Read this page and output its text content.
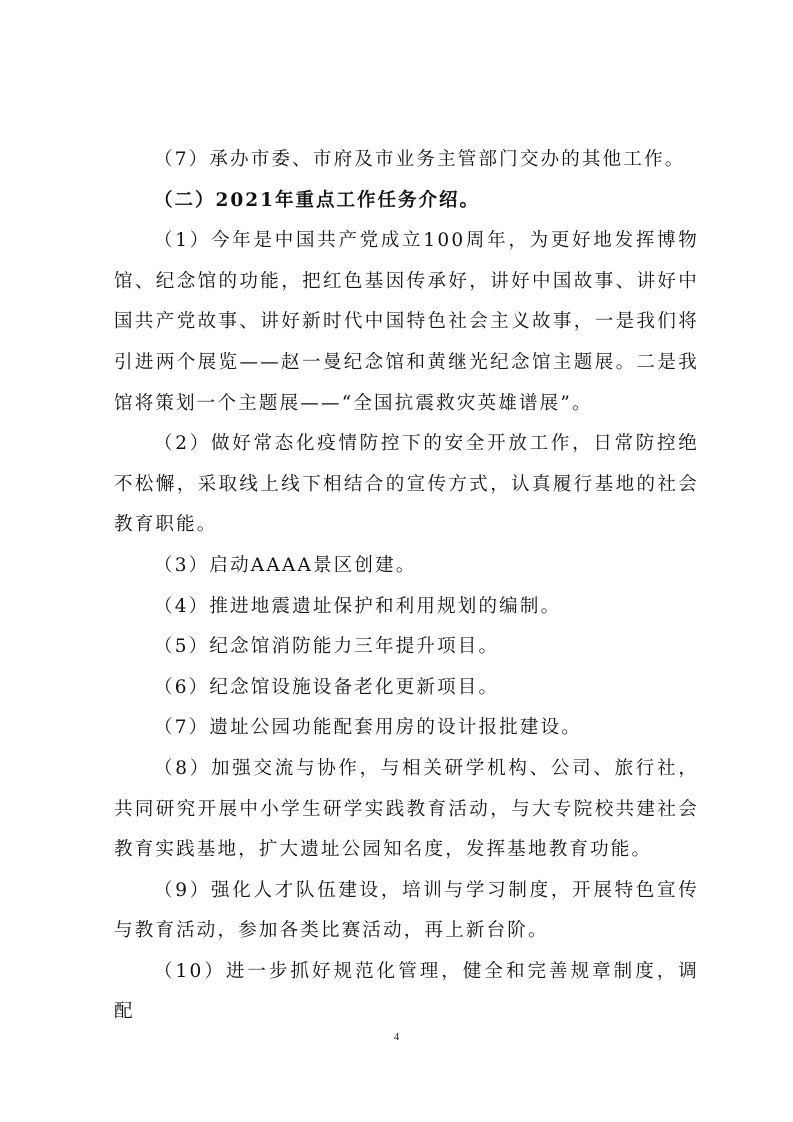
（7）承办市委、市府及市业务主管部门交办的其他工作。

（二）2021年重点工作任务介绍。

（1）今年是中国共产党成立100周年，为更好地发挥博物馆、纪念馆的功能，把红色基因传承好，讲好中国故事、讲好中国共产党故事、讲好新时代中国特色社会主义故事，一是我们将引进两个展览——赵一曼纪念馆和黄继光纪念馆主题展。二是我馆将策划一个主题展——“全国抗震救灾英雄谱展”。

（2）做好常态化疫情防控下的安全开放工作，日常防控绝不松懈，采取线上线下相结合的宣传方式，认真履行基地的社会教育职能。

（3）启动AAAA景区创建。

（4）推进地震遗址保护和利用规划的编制。

（5）纪念馆消防能力三年提升项目。

（6）纪念馆设施设备老化更新项目。

（7）遗址公园功能配套用房的设计报批建设。

（8）加强交流与协作，与相关研学机构、公司、旅行社，共同研究开展中小学生研学实践教育活动，与大专院校共建社会教育实践基地，扩大遗址公园知名度，发挥基地教育功能。

（9）强化人才队伍建设，培训与学习制度，开展特色宣传与教育活动，参加各类比赛活动，再上新台阶。

（10）进一步抓好规范化管理，健全和完善规章制度，调配

4
